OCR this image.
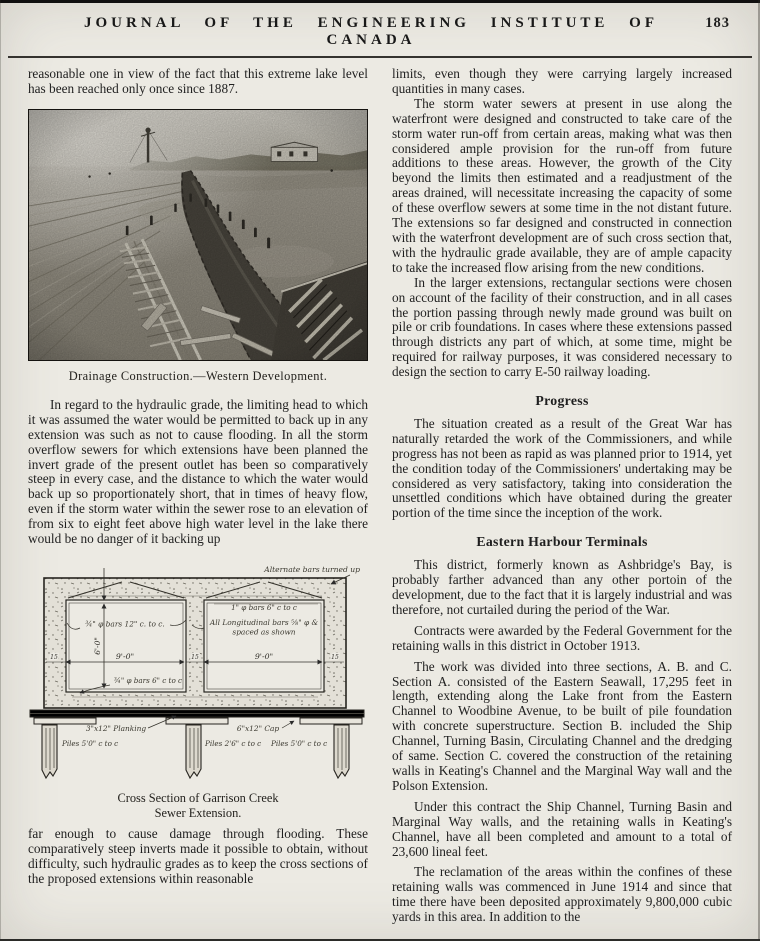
JOURNAL OF THE ENGINEERING INSTITUTE OF CANADA
183

reasonable one in view of the fact that this extreme lake level has been reached only once since 1887.

Drainage Construction.—Western Development.

In regard to the hydraulic grade, the limiting head to which it was assumed the water would be permitted to back up in any extension was such as not to cause flooding. In all the storm overflow sewers for which extensions have been planned the invert grade of the present outlet has been so comparatively steep in every case, and the distance to which the water would back up so proportionately short, that in times of heavy flow, even if the storm water within the sewer rose to an elevation of from six to eight feet above high water level in the lake there would be no danger of it backing up

Alternate bars turned up
1" φ bars 6" c to c
All Longitudinal bars ⅝" φ &
spaced as shown
¾" φ bars 12" c. to c.
6'-0"
9'-0"	9'-0"
15	15	15
¾" φ bars 6" c to c
3"x12" Planking	6"x12" Cap
Piles 5'0" c to c	Piles 2'6" c to c Piles 5'0" c to c
Cross Section of Garrison Creek
Sewer Extension.

far enough to cause damage through flooding. These comparatively steep inverts made it possible to obtain, without difficulty, such hydraulic grades as to keep the cross sections of the proposed extensions within reasonable

limits, even though they were carrying largely increased quantities in many cases.

The storm water sewers at present in use along the waterfront were designed and constructed to take care of the storm water run-off from certain areas, making what was then considered ample provision for the run-off from future additions to these areas. However, the growth of the City beyond the limits then estimated and a readjustment of the areas drained, will necessitate increasing the capacity of some of these overflow sewers at some time in the not distant future. The extensions so far designed and constructed in connection with the waterfront development are of such cross section that, with the hydraulic grade available, they are of ample capacity to take the increased flow arising from the new conditions.

In the larger extensions, rectangular sections were chosen on account of the facility of their construction, and in all cases the portion passing through newly made ground was built on pile or crib foundations. In cases where these extensions passed through districts any part of which, at some time, might be required for railway purposes, it was considered necessary to design the section to carry E-50 railway loading.

Progress

The situation created as a result of the Great War has naturally retarded the work of the Commissioners, and while progress has not been as rapid as was planned prior to 1914, yet the condition today of the Commissioners' undertaking may be considered as very satisfactory, taking into consideration the unsettled conditions which have obtained during the greater portion of the time since the inception of the work.

Eastern Harbour Terminals

This district, formerly known as Ashbridge's Bay, is probably farther advanced than any other portoin of the development, due to the fact that it is largely industrial and was therefore, not curtailed during the period of the War.

Contracts were awarded by the Federal Government for the retaining walls in this district in October 1913.

The work was divided into three sections, A. B. and C. Section A. consisted of the Eastern Seawall, 17,295 feet in length, extending along the Lake front from the Eastern Channel to Woodbine Avenue, to be built of pile foundation with concrete superstructure. Section B. included the Ship Channel, Turning Basin, Circulating Channel and the dredging of same. Section C. covered the construction of the retaining walls in Keating's Channel and the Marginal Way wall and the Polson Extension.

Under this contract the Ship Channel, Turning Basin and Marginal Way walls, and the retaining walls in Keating's Channel, have all been completed and amount to a total of 23,600 lineal feet.

The reclamation of the areas within the confines of these retaining walls was commenced in June 1914 and since that time there have been deposited approximately 9,800,000 cubic yards in this area. In addition to the
